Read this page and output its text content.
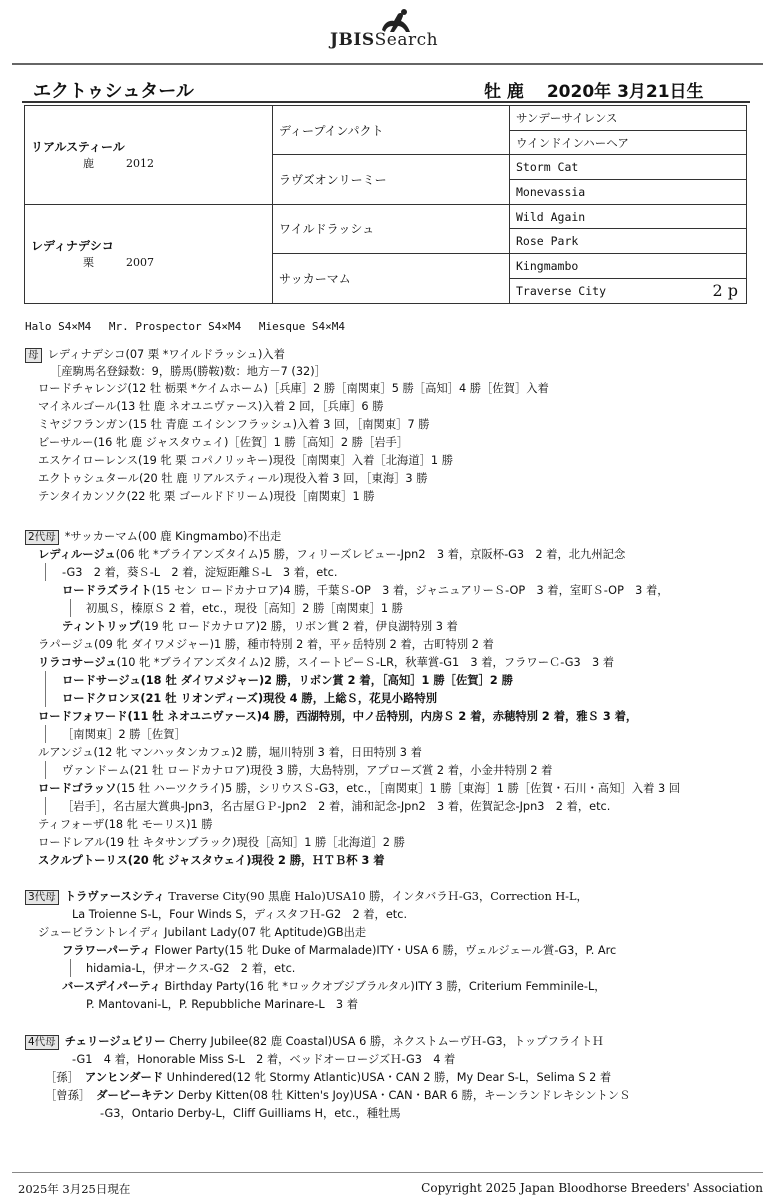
JBISSearch
エクトゥシュタール	牡 鹿　 2020年 3月21日生
リアルスティール
鹿 2012	ディープインパクト	サンデーサイレンス
		ウインドインハーヘア
	ラヴズオンリーミー	Storm Cat
		Monevassia

レディナデシコ
栗 2007	ワイルドラッシュ	Wild Again
		Rose Park
	サッカーマム	Kingmambo

		Traverse City 2 p
Halo S4×M4　 Mr. Prospector S4×M4　 Miesque S4×M4
母 レディナデシコ(07 栗 *ワイルドラッシュ)入着
［産駒馬名登録数：9，勝馬(勝鞍)数：地方－7 (32)］
ロードチャレンジ(12 牡 栃栗 *ケイムホーム)［兵庫］2 勝［南関東］5 勝［高知］4 勝［佐賀］入着
マイネルゴール(13 牡 鹿 ネオユニヴァース)入着 2 回，［兵庫］6 勝
ミヤジフランガン(15 牡 青鹿 エイシンフラッシュ)入着 3 回，［南関東］7 勝
ビーサルー(16 牝 鹿 ジャスタウェイ)［佐賀］1 勝［高知］2 勝［岩手］
エスケイローレンス(19 牝 栗 コパノリッキー)現役［南関東］入着［北海道］1 勝
エクトゥシュタール(20 牡 鹿 リアルスティール)現役入着 3 回，［東海］3 勝
テンタイカンソク(22 牝 栗 ゴールドドリーム)現役［南関東］1 勝
2代母 *サッカーマム(00 鹿 Kingmambo)不出走
レディルージュ(06 牝 *ブライアンズタイム)5 勝，フィリーズレビュー-Jpn2　3 着，京阪杯-G3　2 着，北九州記念
-G3　2 着，葵Ｓ-L　2 着，淀短距離Ｓ-L　3 着，etc.
ロードラズライト(15 セン ロードカナロア)4 勝，千葉Ｓ-OP　3 着，ジャニュアリーＳ-OP　3 着，室町Ｓ-OP　3 着，
初風Ｓ，榛原Ｓ 2 着，etc.，現役［高知］2 勝［南関東］1 勝
ティントリップ(19 牝 ロードカナロア)2 勝，リボン賞 2 着，伊良湖特別 3 着
ラパージュ(09 牝 ダイワメジャー)1 勝，種市特別 2 着，平ヶ岳特別 2 着，古町特別 2 着
リラコサージュ(10 牝 *ブライアンズタイム)2 勝，スイートピーＳ-LR，秋華賞-G1　3 着，フラワーＣ-G3　3 着
ロードサージュ(18 牡 ダイワメジャー)2 勝，リボン賞 2 着，［高知］1 勝［佐賀］2 勝
ロードクロンヌ(21 牡 リオンディーズ)現役 4 勝，上総Ｓ，花見小路特別
ロードフォワード(11 牡 ネオユニヴァース)4 勝，西湖特別，中ノ岳特別，内房Ｓ 2 着，赤穂特別 2 着，雅Ｓ 3 着，
［南関東］2 勝［佐賀］
ルアンジュ(12 牝 マンハッタンカフェ)2 勝，堀川特別 3 着，日田特別 3 着
ヴァンドーム(21 牡 ロードカナロア)現役 3 勝，大島特別，アプローズ賞 2 着，小金井特別 2 着
ロードゴラッソ(15 牡 ハーツクライ)5 勝，シリウスＳ-G3，etc.，［南関東］1 勝［東海］1 勝［佐賀・石川・高知］入着 3 回
［岩手］，名古屋大賞典-Jpn3，名古屋ＧＰ-Jpn2　2 着，浦和記念-Jpn2　3 着，佐賀記念-Jpn3　2 着，etc.
ティフォーザ(18 牝 モーリス)1 勝
ロードレアル(19 牡 キタサンブラック)現役［高知］1 勝［北海道］2 勝
スクルプトーリス(20 牝 ジャスタウェイ)現役 2 勝，ＨＴＢ杯 3 着
3代母 トラヴァースシティ Traverse City(90 黒鹿 Halo)USA10 勝，インタバラＨ-G3，Correction H-L，
La Troienne S-L，Four Winds S，ディスタフＨ-G2　2 着，etc.
ジュービラントレイディ Jubilant Lady(07 牝 Aptitude)GB出走
フラワーパーティ Flower Party(15 牝 Duke of Marmalade)ITY・USA 6 勝，ヴェルジェール賞-G3，P. Arc
hidamia-L，伊オークス-G2　2 着，etc.
バースデイパーティ Birthday Party(16 牝 *ロックオブジブラルタル)ITY 3 勝，Criterium Femminile-L，
P. Mantovani-L，P. Repubbliche Marinare-L　3 着
4代母 チェリージュビリー Cherry Jubilee(82 鹿 Coastal)USA 6 勝，ネクストムーヴＨ-G3，トップフライトＨ
-G1　4 着，Honorable Miss S-L　2 着，ベッドオーロージズＨ-G3　4 着
［孫］ アンヒンダード Unhindered(12 牝 Stormy Atlantic)USA・CAN 2 勝，My Dear S-L，Selima S 2 着
［曾孫］ ダービーキテン Derby Kitten(08 牡 Kitten's Joy)USA・CAN・BAR 6 勝，キーンランドレキシントンＳ
-G3，Ontario Derby-L，Cliff Guilliams H，etc.，種牡馬
2025年 3月25日現在	Copyright 2025 Japan Bloodhorse Breeders' Association
